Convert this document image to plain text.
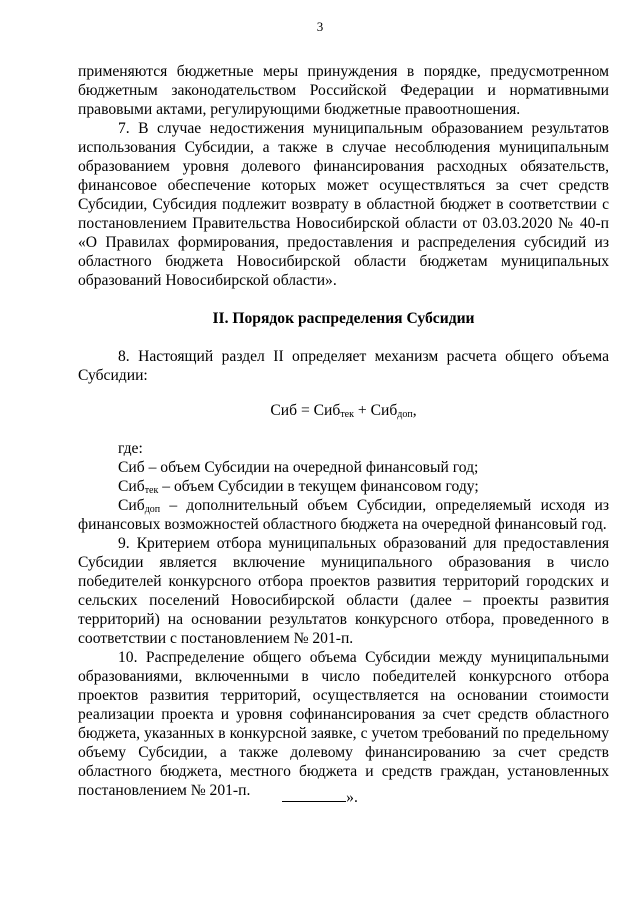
3

применяются бюджетные меры принуждения в порядке, предусмотренном бюджетным законодательством Российской Федерации и нормативными правовыми актами, регулирующими бюджетные правоотношения.

7. В случае недостижения муниципальным образованием результатов использования Субсидии, а также в случае несоблюдения муниципальным образованием уровня долевого финансирования расходных обязательств, финансовое обеспечение которых может осуществляться за счет средств Субсидии, Субсидия подлежит возврату в областной бюджет в соответствии с постановлением Правительства Новосибирской области от 03.03.2020 № 40-п «О Правилах формирования, предоставления и распределения субсидий из областного бюджета Новосибирской области бюджетам муниципальных образований Новосибирской области».

II. Порядок распределения Субсидии

8. Настоящий раздел II определяет механизм расчета общего объема Субсидии:

Сиб = Сиб$_{тек}$ + Сиб$_{доп}$,

где:

Сиб – объем Субсидии на очередной финансовый год;

Сиб$_{тек}$ – объем Субсидии в текущем финансовом году;

Сиб$_{доп}$ – дополнительный объем Субсидии, определяемый исходя из финансовых возможностей областного бюджета на очередной финансовый год.

9. Критерием отбора муниципальных образований для предоставления Субсидии является включение муниципального образования в число победителей конкурсного отбора проектов развития территорий городских и сельских поселений Новосибирской области (далее – проекты развития территорий) на основании результатов конкурсного отбора, проведенного в соответствии с постановлением № 201-п.

10. Распределение общего объема Субсидии между муниципальными образованиями, включенными в число победителей конкурсного отбора проектов развития территорий, осуществляется на основании стоимости реализации проекта и уровня софинансирования за счет средств областного бюджета, указанных в конкурсной заявке, с учетом требований по предельному объему Субсидии, а также долевому финансированию за счет средств областного бюджета, местного бюджета и средств граждан, установленных постановлением № 201-п.	».
